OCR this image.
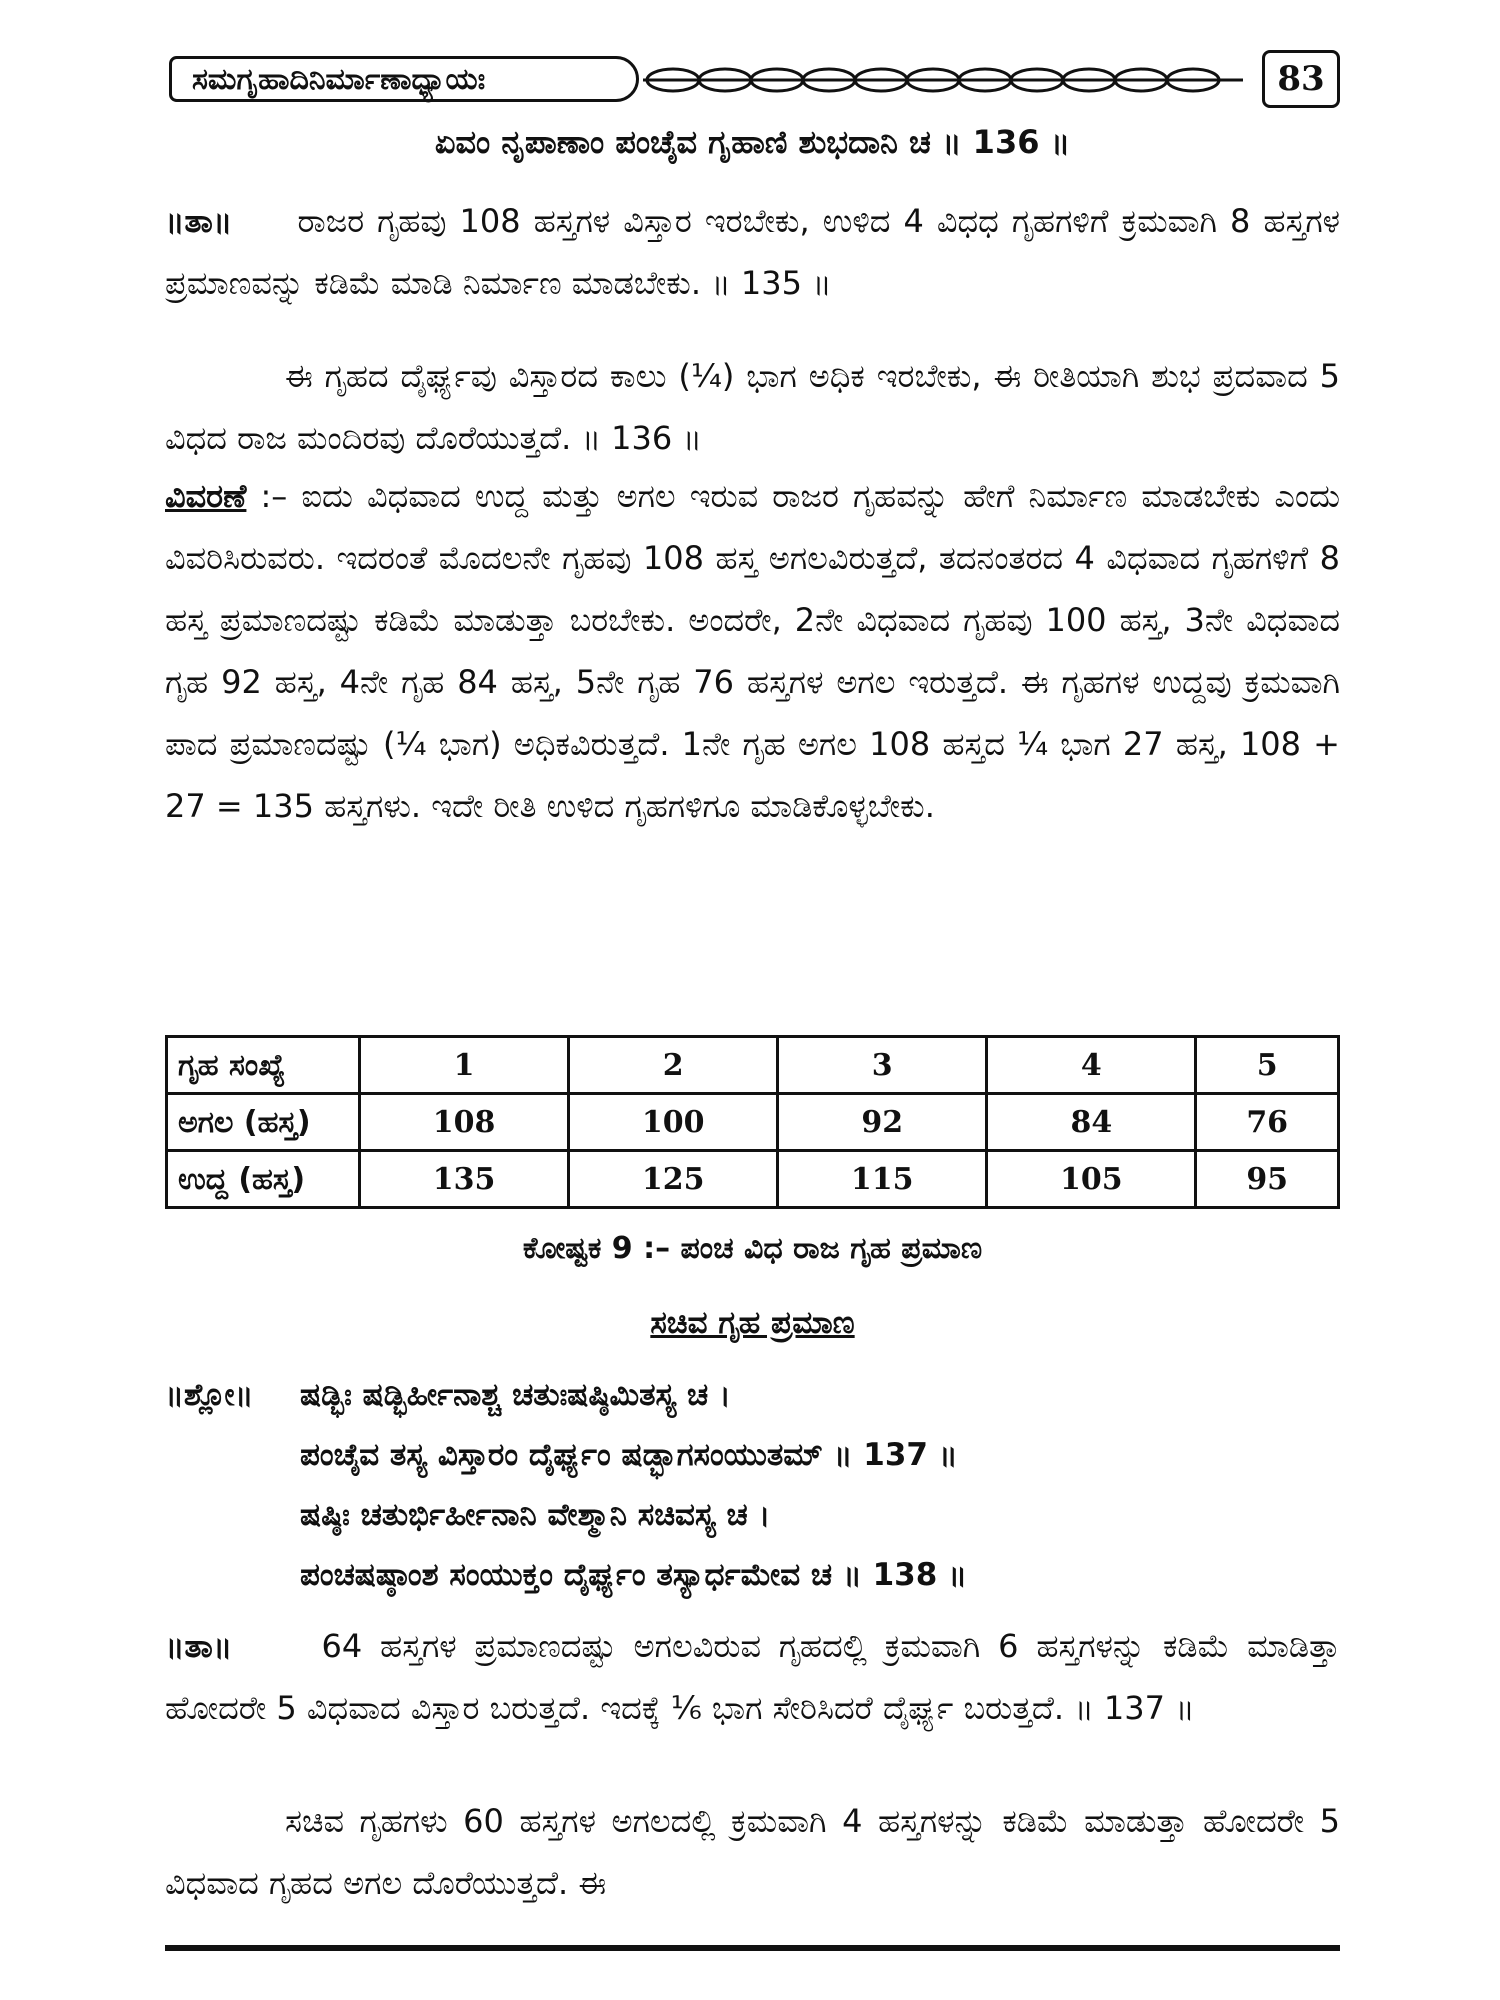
ಸಮಗೃಹಾದಿನಿರ್ಮಾಣಾಧ್ಯಾಯಃ	83
ಏವಂ ನೃಪಾಣಾಂ ಪಂಚೈವ ಗೃಹಾಣಿ ಶುಭದಾನಿ ಚ ॥ 136 ॥
॥ತಾ॥ ರಾಜರ ಗೃಹವು 108 ಹಸ್ತಗಳ ವಿಸ್ತಾರ ಇರಬೇಕು, ಉಳಿದ 4 ವಿಧಧ ಗೃಹಗಳಿಗೆ ಕ್ರಮವಾಗಿ 8 ಹಸ್ತಗಳ ಪ್ರಮಾಣವನ್ನು ಕಡಿಮೆ ಮಾಡಿ ನಿರ್ಮಾಣ ಮಾಡಬೇಕು. ॥ 135 ॥
ಈ ಗೃಹದ ದೈರ್ಘ್ಯವು ವಿಸ್ತಾರದ ಕಾಲು (¼) ಭಾಗ ಅಧಿಕ ಇರಬೇಕು, ಈ ರೀತಿಯಾಗಿ ಶುಭ ಪ್ರದವಾದ 5 ವಿಧದ ರಾಜ ಮಂದಿರವು ದೊರೆಯುತ್ತದೆ. ॥ 136 ॥
ವಿವರಣೆ :– ಐದು ವಿಧವಾದ ಉದ್ದ ಮತ್ತು ಅಗಲ ಇರುವ ರಾಜರ ಗೃಹವನ್ನು ಹೇಗೆ ನಿರ್ಮಾಣ ಮಾಡಬೇಕು ಎಂದು ವಿವರಿಸಿರುವರು. ಇದರಂತೆ ಮೊದಲನೇ ಗೃಹವು 108 ಹಸ್ತ ಅಗಲವಿರುತ್ತದೆ, ತದನಂತರದ 4 ವಿಧವಾದ ಗೃಹಗಳಿಗೆ 8 ಹಸ್ತ ಪ್ರಮಾಣದಷ್ಟು ಕಡಿಮೆ ಮಾಡುತ್ತಾ ಬರಬೇಕು. ಅಂದರೇ, 2ನೇ ವಿಧವಾದ ಗೃಹವು 100 ಹಸ್ತ, 3ನೇ ವಿಧವಾದ ಗೃಹ 92 ಹಸ್ತ, 4ನೇ ಗೃಹ 84 ಹಸ್ತ, 5ನೇ ಗೃಹ 76 ಹಸ್ತಗಳ ಅಗಲ ಇರುತ್ತದೆ. ಈ ಗೃಹಗಳ ಉದ್ದವು ಕ್ರಮವಾಗಿ ಪಾದ ಪ್ರಮಾಣದಷ್ಟು (¼ ಭಾಗ) ಅಧಿಕವಿರುತ್ತದೆ. 1ನೇ ಗೃಹ ಅಗಲ 108 ಹಸ್ತದ ¼ ಭಾಗ 27 ಹಸ್ತ, 108 + 27 = 135 ಹಸ್ತಗಳು. ಇದೇ ರೀತಿ ಉಳಿದ ಗೃಹಗಳಿಗೂ ಮಾಡಿಕೊಳ್ಳಬೇಕು.
ಗೃಹ ಸಂಖ್ಯೆ	1	2	3	4	5
ಅಗಲ (ಹಸ್ತ)	108	100	92	84	76
ಉದ್ದ (ಹಸ್ತ)	135	125	115	105	95
ಕೋಷ್ಟಕ 9 :– ಪಂಚ ವಿಧ ರಾಜ ಗೃಹ ಪ್ರಮಾಣ
ಸಚಿವ ಗೃಹ ಪ್ರಮಾಣ
॥ಶ್ಲೋ॥ ಷಡ್ಭಿಃ ಷಡ್ಭಿರ್ಹೀನಾಶ್ಚ ಚತುಃಷಷ್ಠಿಮಿತಸ್ಯ ಚ ।
ಪಂಚೈವ ತಸ್ಯ ವಿಸ್ತಾರಂ ದೈರ್ಘ್ಯಂ ಷಡ್ಭಾಗಸಂಯುತಮ್ ॥ 137 ॥
ಷಷ್ಠಿಃ ಚತುರ್ಭಿರ್ಹೀನಾನಿ ವೇಶ್ಮಾನಿ ಸಚಿವಸ್ಯ ಚ ।
ಪಂಚಷಷ್ಠಾಂಶ ಸಂಯುಕ್ತಂ ದೈರ್ಘ್ಯಂ ತಸ್ಯಾರ್ಧಮೇವ ಚ ॥ 138 ॥
॥ತಾ॥	64 ಹಸ್ತಗಳ ಪ್ರಮಾಣದಷ್ಟು ಅಗಲವಿರುವ ಗೃಹದಲ್ಲಿ ಕ್ರಮವಾಗಿ 6 ಹಸ್ತಗಳನ್ನು ಕಡಿಮೆ ಮಾಡಿತ್ತಾ ಹೋದರೇ 5 ವಿಧವಾದ ವಿಸ್ತಾರ ಬರುತ್ತದೆ. ಇದಕ್ಕೆ ⅙ ಭಾಗ ಸೇರಿಸಿದರೆ ದೈರ್ಘ್ಯ ಬರುತ್ತದೆ. ॥ 137 ॥
ಸಚಿವ ಗೃಹಗಳು 60 ಹಸ್ತಗಳ ಅಗಲದಲ್ಲಿ ಕ್ರಮವಾಗಿ 4 ಹಸ್ತಗಳನ್ನು ಕಡಿಮೆ ಮಾಡುತ್ತಾ ಹೋದರೇ 5 ವಿಧವಾದ ಗೃಹದ ಅಗಲ ದೊರೆಯುತ್ತದೆ. ಈ
